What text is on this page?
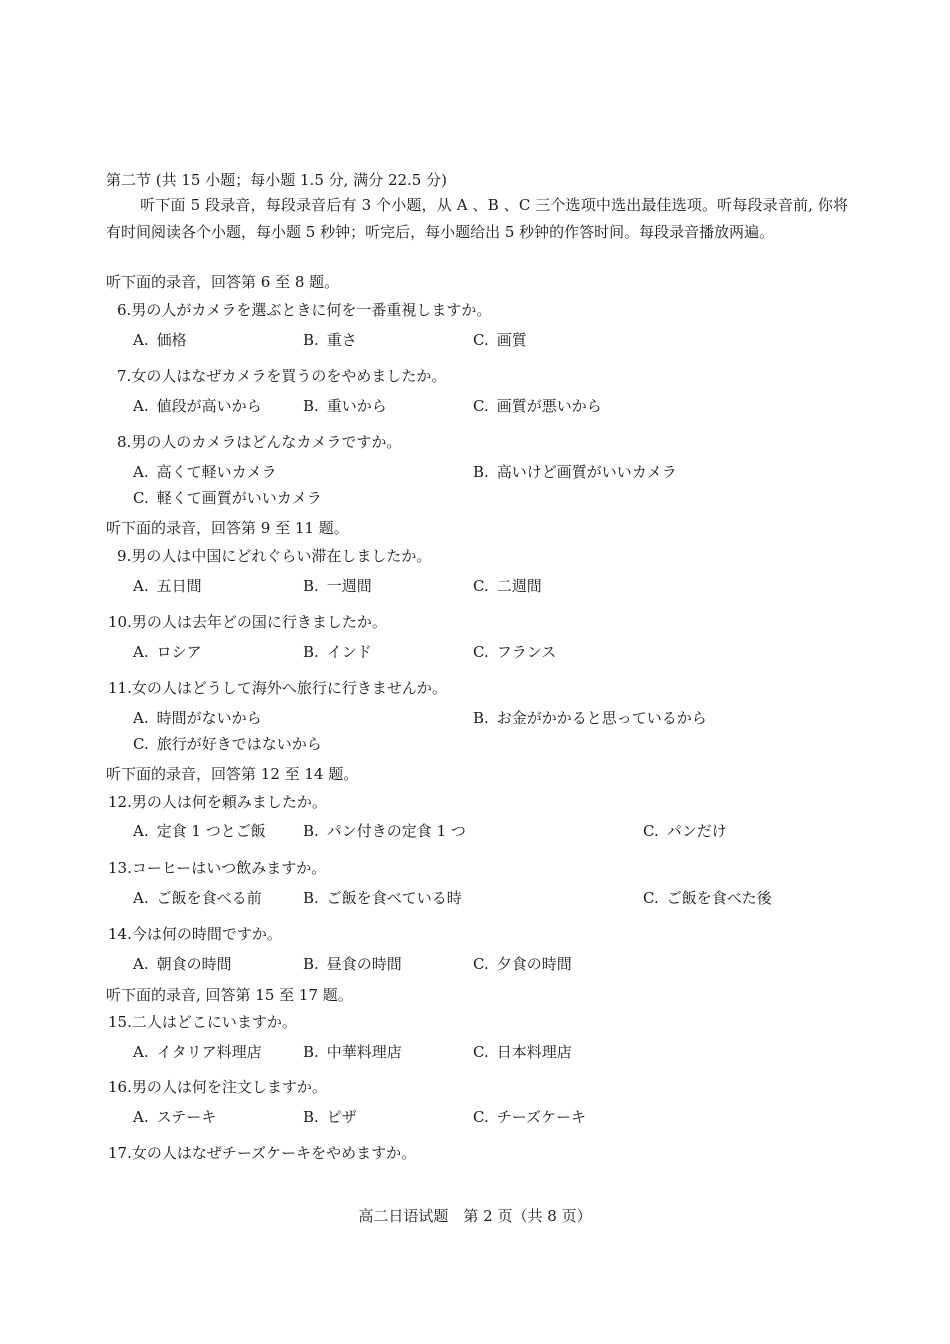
第二节 (共 15 小题；每小题 1.5 分, 满分 22.5 分)
听下面 5 段录音，每段录音后有 3 个小题，从 A 、B 、C 三个选项中选出最佳选项。听每段录音前, 你将有时间阅读各个小题，每小题 5 秒钟；听完后，每小题给出 5 秒钟的作答时间。每段录音播放两遍。
听下面的录音，回答第 6 至 8 题。
听下面的录音，回答第 9 至 11 题。
听下面的录音，回答第 12 至 14 题。
听下面的录音, 回答第 15 至 17 题。
6.男の人がカメラを選ぶときに何を一番重視しますか。
A. 価格	B. 重さ	C. 画質
7.女の人はなぜカメラを買うのをやめましたか。
A. 値段が高いから	B. 重いから	C. 画質が悪いから
8.男の人のカメラはどんなカメラですか。
A. 高くて軽いカメラ	B. 高いけど画質がいいカメラ
C. 軽くて画質がいいカメラ
9.男の人は中国にどれぐらい滞在しましたか。
A. 五日間	B. 一週間	C. 二週間
10.男の人は去年どの国に行きましたか。
A. ロシア	B. インド	C. フランス
11.女の人はどうして海外へ旅行に行きませんか。
A. 時間がないから	B. お金がかかると思っているから
C. 旅行が好きではないから
12.男の人は何を頼みましたか。
A. 定食 1 つとご飯 B. パン付きの定食 1 つ	C. パンだけ
13.コーヒーはいつ飲みますか。
A. ご飯を食べる前	B. ご飯を食べている時	C. ご飯を食べた後
14.今は何の時間ですか。
A. 朝食の時間	B. 昼食の時間	C. 夕食の時間
15.二人はどこにいますか。
A. イタリア料理店	B. 中華料理店	C. 日本料理店
16.男の人は何を注文しますか。
A. ステーキ	B. ピザ	C. チーズケーキ
17.女の人はなぜチーズケーキをやめますか。
高二日语试题　第 2 页（共 8 页）
